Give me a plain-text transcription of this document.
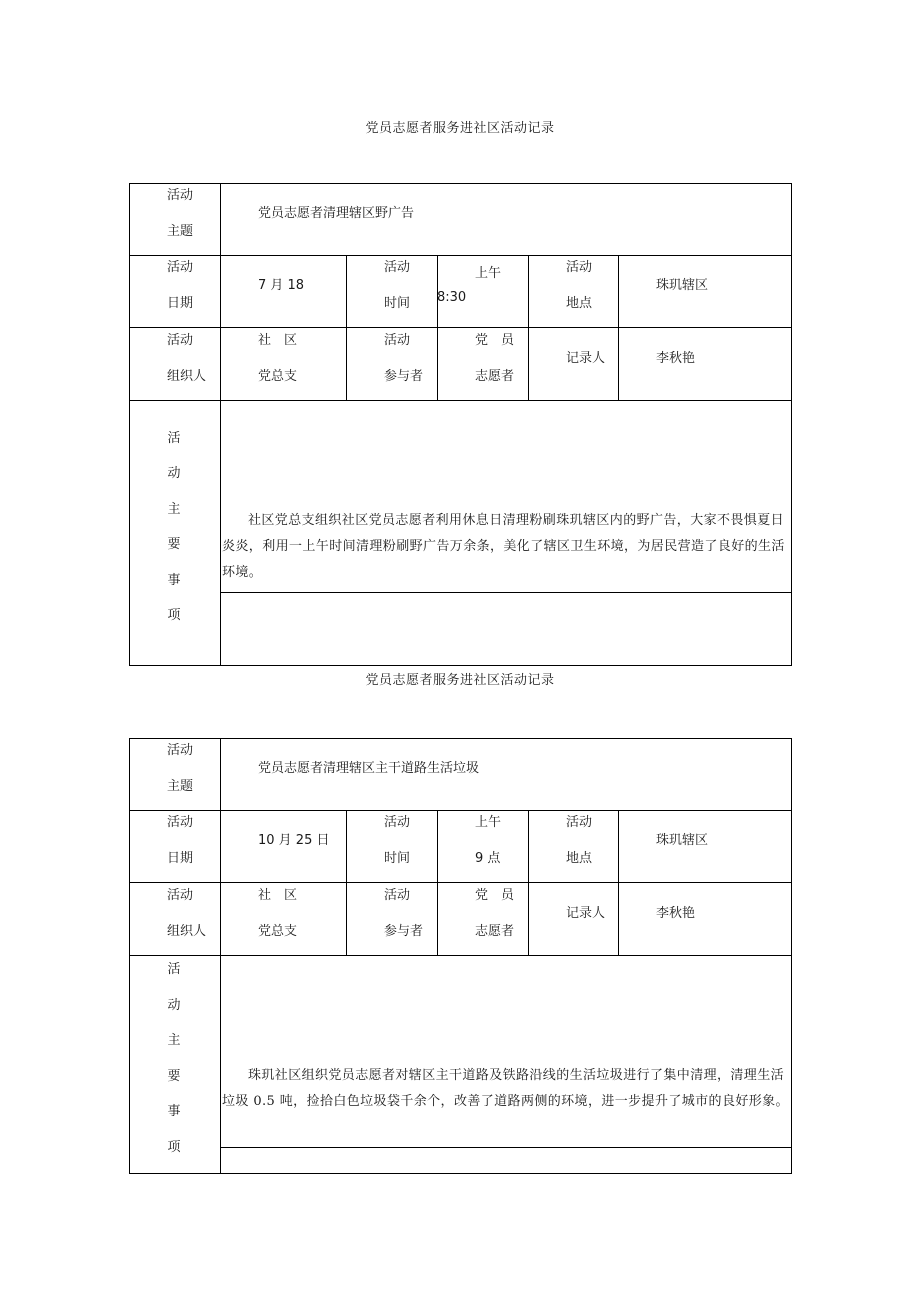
党员志愿者服务进社区活动记录
活动
主题
党员志愿者清理辖区野广告
活动
日期
7 月 18
活动
时间
上午
8:30
活动
地点
珠玑辖区
活动
组织人
社　区
党总支
活动
参与者
党　员
志愿者
记录人	李秋艳
活
动
主
要
事
项
社区党总支组织社区党员志愿者利用休息日清理粉刷珠玑辖区内的野广告，大家不畏惧夏日炎炎，利用一上午时间清理粉刷野广告万余条，美化了辖区卫生环境，为居民营造了良好的生活环境。
党员志愿者服务进社区活动记录
活动
主题
党员志愿者清理辖区主干道路生活垃圾
活动
日期
10 月 25 日
活动
时间
上午
9 点
活动
地点
珠玑辖区
活动
组织人
社　区
党总支
活动
参与者
党　员
志愿者
记录人	李秋艳
活
动
主
要
事
项
珠玑社区组织党员志愿者对辖区主干道路及铁路沿线的生活垃圾进行了集中清理，清理生活垃圾 0.5 吨，捡拾白色垃圾袋千余个，改善了道路两侧的环境，进一步提升了城市的良好形象。
